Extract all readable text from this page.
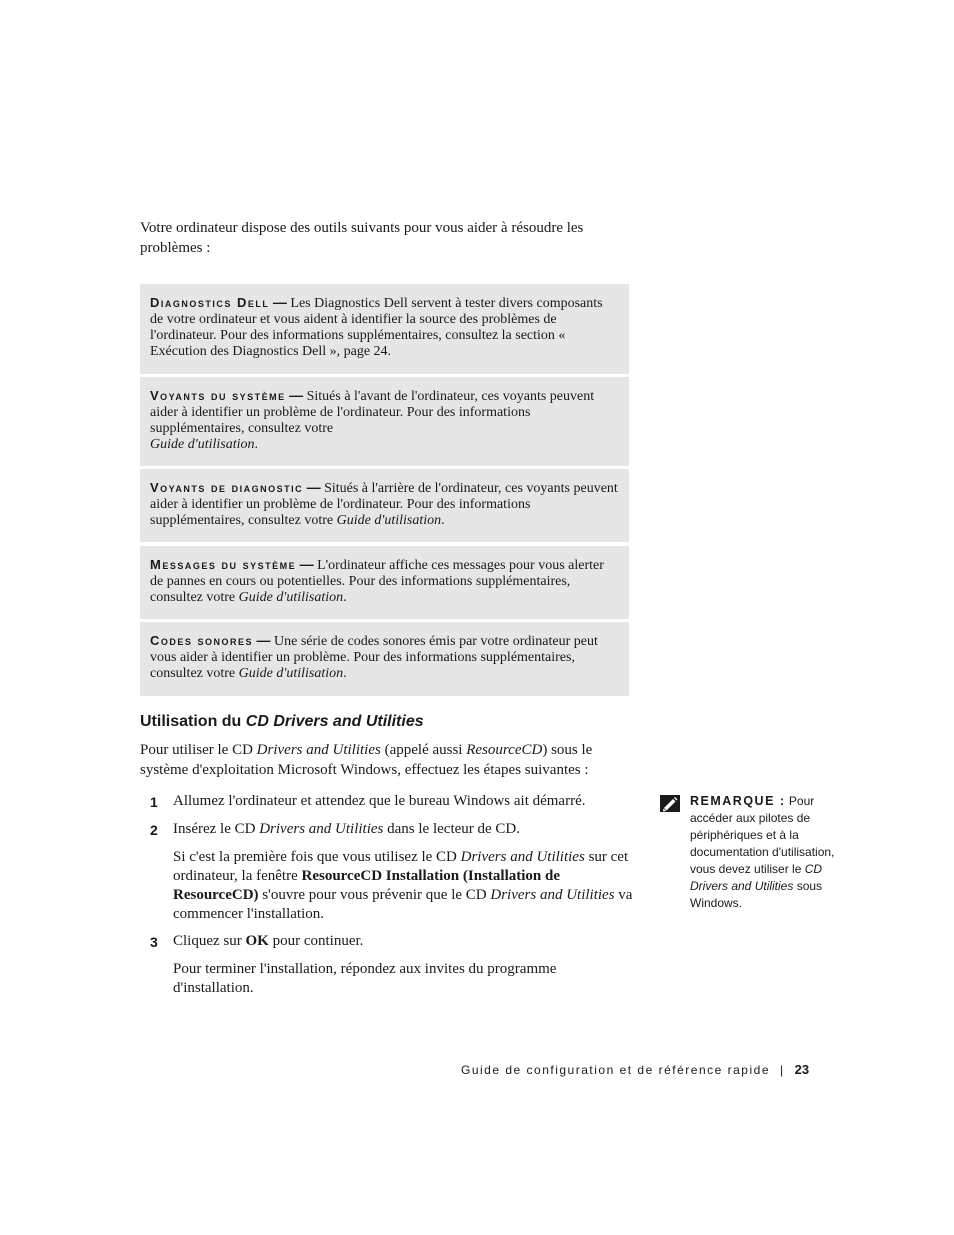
Votre ordinateur dispose des outils suivants pour vous aider à résoudre les problèmes :

Diagnostics Dell — Les Diagnostics Dell servent à tester divers composants de votre ordinateur et vous aident à identifier la source des problèmes de l'ordinateur. Pour des informations supplémentaires, consultez la section « Exécution des Diagnostics Dell », page 24.
Voyants du système — Situés à l'avant de l'ordinateur, ces voyants peuvent aider à identifier un problème de l'ordinateur. Pour des informations supplémentaires, consultez votre
Guide d'utilisation.
Voyants de diagnostic — Situés à l'arrière de l'ordinateur, ces voyants peuvent aider à identifier un problème de l'ordinateur. Pour des informations supplémentaires, consultez votre Guide d'utilisation.
Messages du système — L'ordinateur affiche ces messages pour vous alerter de pannes en cours ou potentielles. Pour des informations supplémentaires, consultez votre Guide d'utilisation.
Codes sonores — Une série de codes sonores émis par votre ordinateur peut vous aider à identifier un problème. Pour des informations supplémentaires, consultez votre Guide d'utilisation.
Utilisation du CD Drivers and Utilities

Pour utiliser le CD Drivers and Utilities (appelé aussi ResourceCD) sous le système d'exploitation Microsoft Windows, effectuez les étapes suivantes :

1 Allumez l'ordinateur et attendez que le bureau Windows ait démarré.

2 Insérez le CD Drivers and Utilities dans le lecteur de CD.

Si c'est la première fois que vous utilisez le CD Drivers and Utilities sur cet ordinateur, la fenêtre ResourceCD Installation (Installation de ResourceCD) s'ouvre pour vous prévenir que le CD Drivers and Utilities va commencer l'installation.

3 Cliquez sur OK pour continuer.

Pour terminer l'installation, répondez aux invites du programme d'installation.

REMARQUE : Pour accéder aux pilotes de périphériques et à la documentation d'utilisation, vous devez utiliser le CD Drivers and Utilities sous Windows.
Guide de configuration et de référence rapide | 23
